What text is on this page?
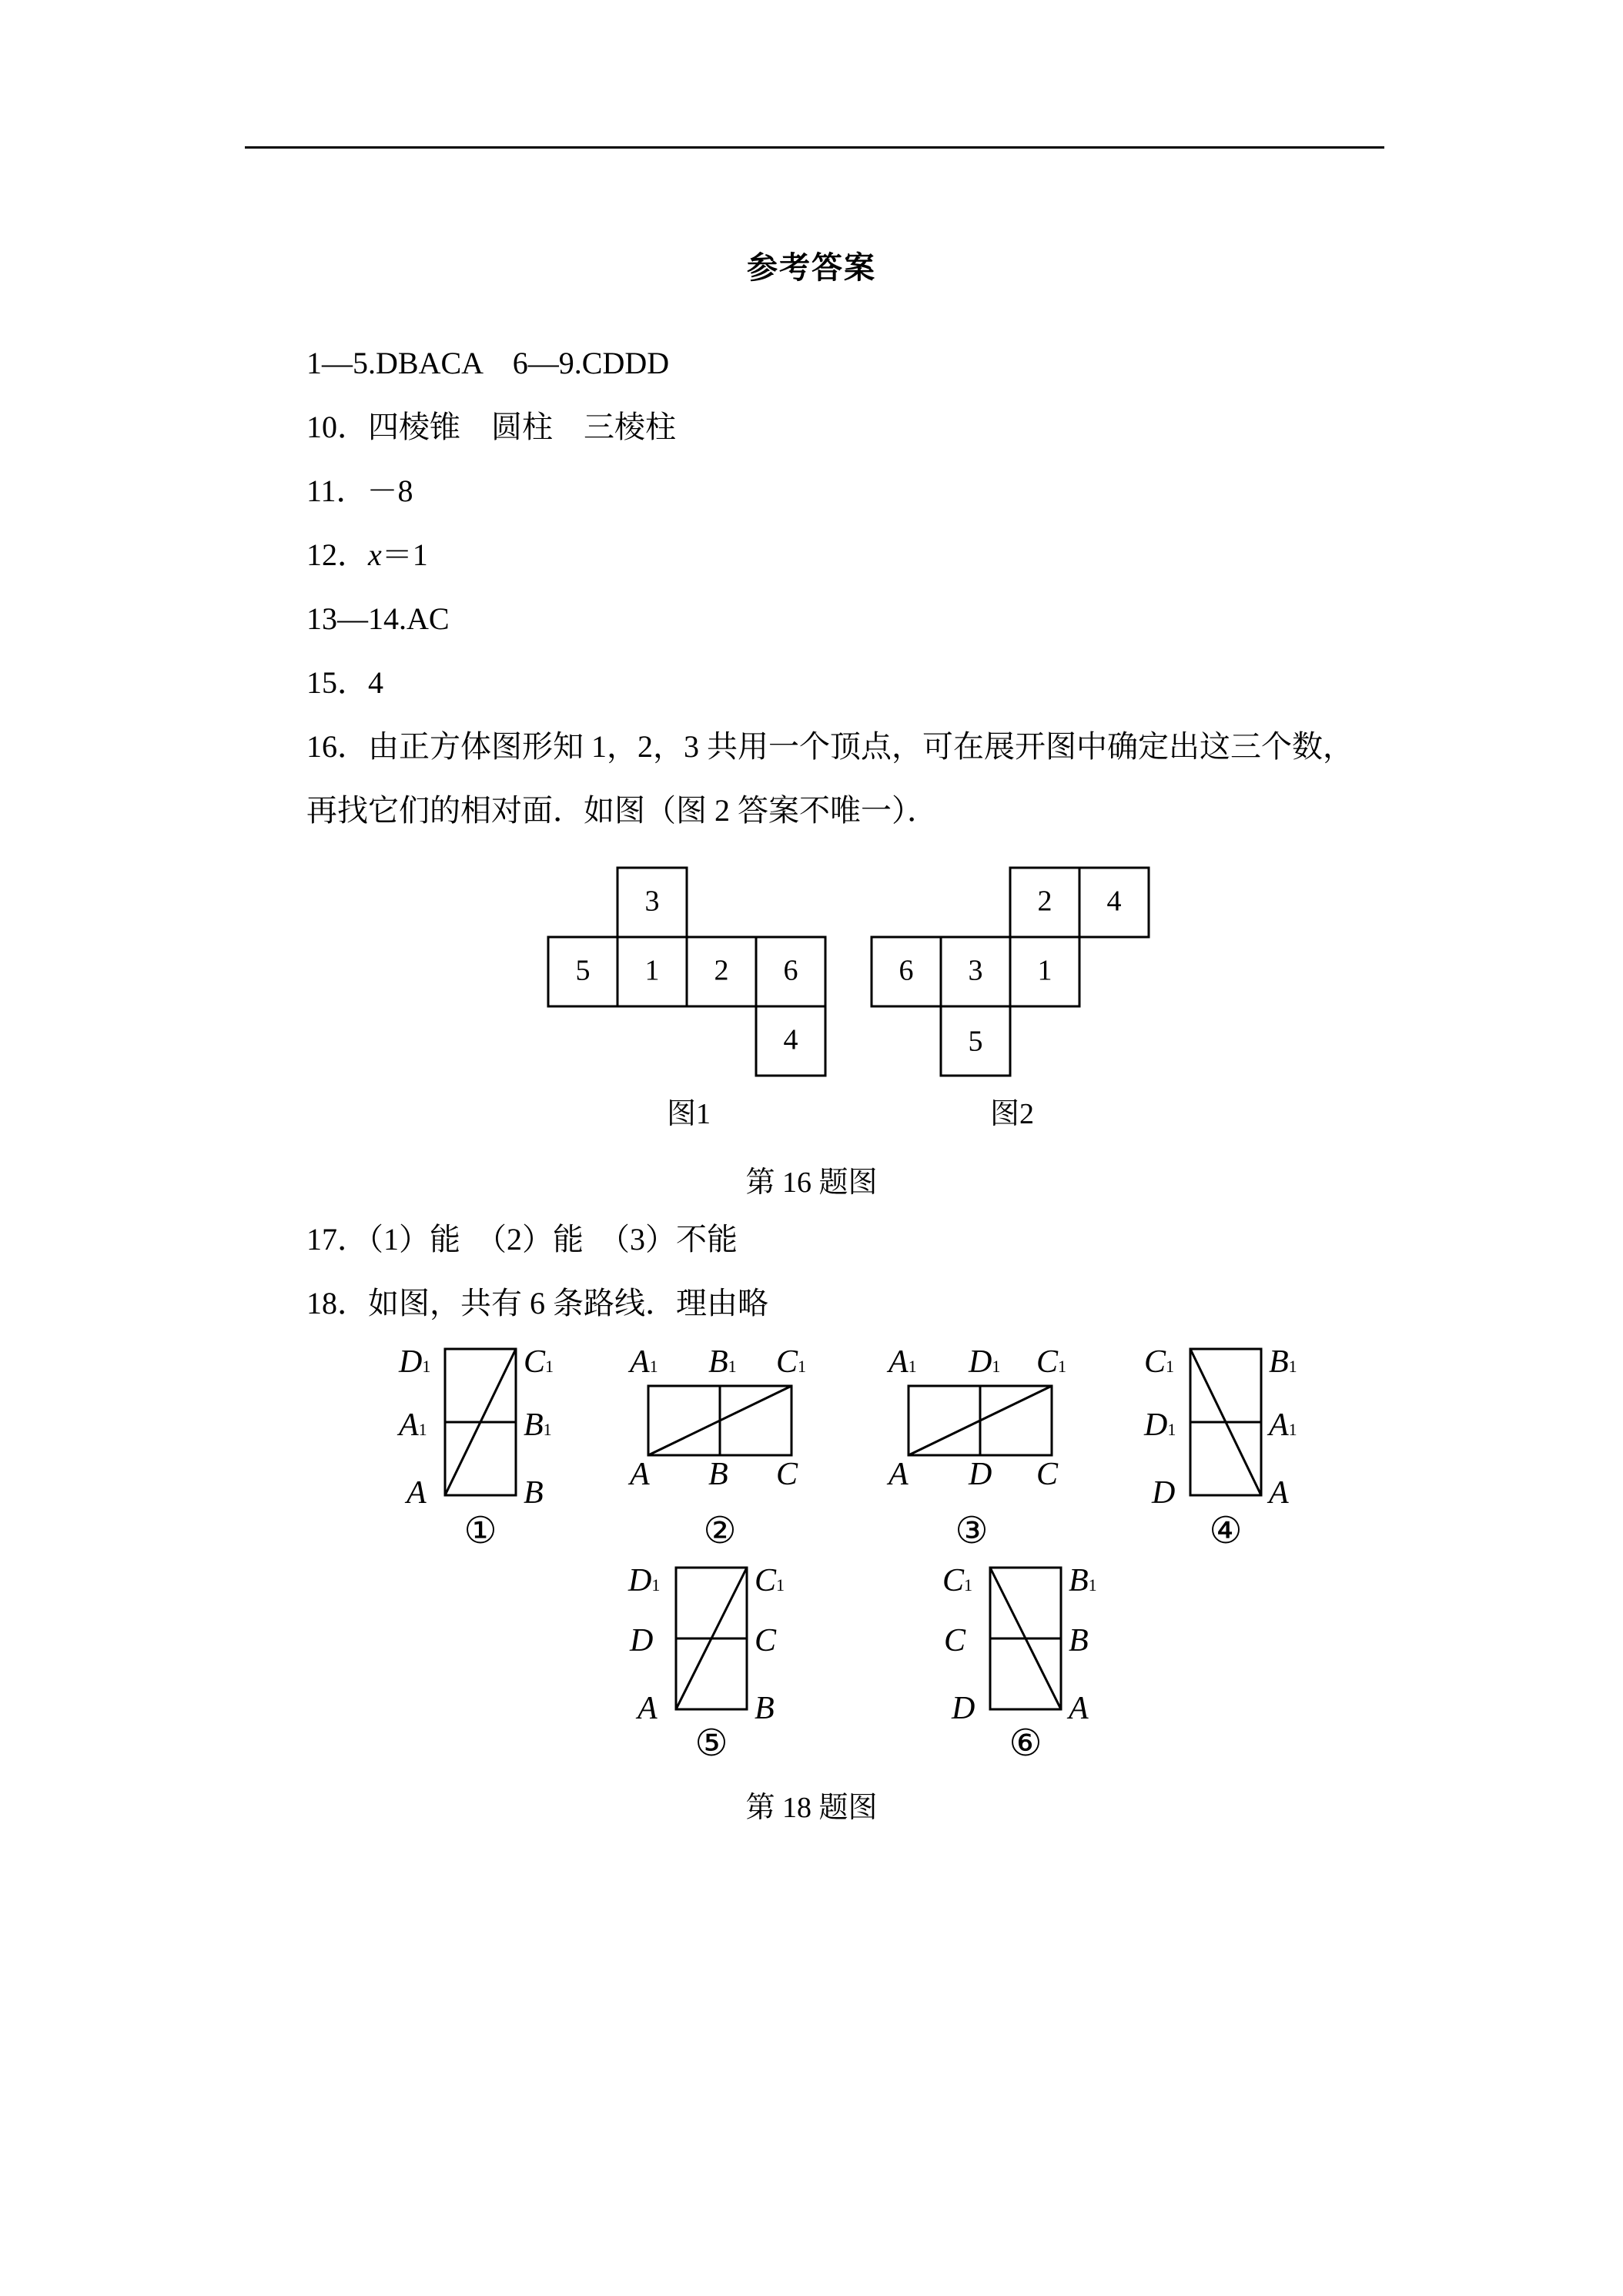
参考答案
1—5.DBACA　6—9.CDDD
10．四棱锥　圆柱　三棱柱
11．－8
12．x＝1
13—14.AC
15．4
16．由正方体图形知 1，2，3 共用一个顶点，可在展开图中确定出这三个数，
再找它们的相对面．如图（图 2 答案不唯一）．
3
5 1 2 6
4
2 4
6 3 1
5
图1	图2
第 16 题图
17．（1）能　（2）能　（3）不能
18．如图，共有 6 条路线．理由略
D1	C1
A1	B1
A	B
A1 B1 C1
A B C
A1 D1 C1
A D C
C1	B1
D1	A1
D	A
D1	C1
D	C
A	B
C1	B1
C	B
D	A
①	②	③	④
⑤	⑥
第 18 题图
